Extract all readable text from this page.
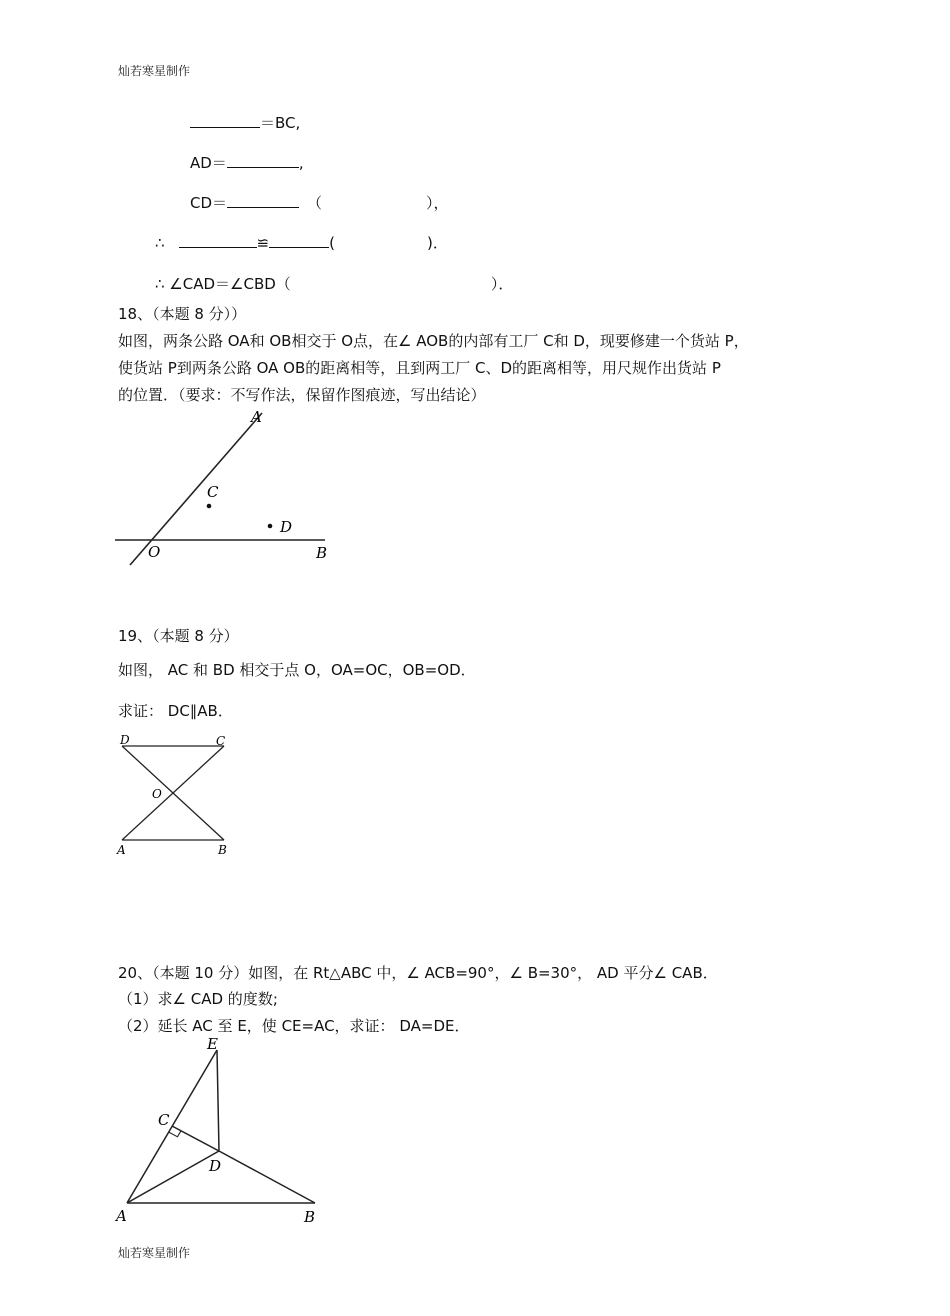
灿若寒星制作
＝BC,
AD＝	,
CD＝	（	），
∴	≌	(	)．
∴ ∠CAD＝∠CBD（	）．
18、（本题 8 分））
如图，两条公路 OA和 OB相交于 O点，在∠ AOB的内部有工厂 C和 D，现要修建一个货站 P，
使货站 P到两条公路 OA OB的距离相等，且到两工厂 C、D的距离相等，用尺规作出货站 P
的位置．（要求：不写作法，保留作图痕迹，写出结论）
A
C
D
O	B
19、（本题 8 分）
如图， AC 和 BD 相交于点 O，OA=OC，OB=OD．
求证： DC∥AB．
D	C
O
A	B
20、（本题 10 分）如图，在 Rt△ABC 中，∠ ACB=90°，∠ B=30°， AD 平分∠ CAB．
（1）求∠ CAD 的度数;
（2）延长 AC 至 E，使 CE=AC，求证： DA=DE．
E
C
D
A	B
灿若寒星制作
